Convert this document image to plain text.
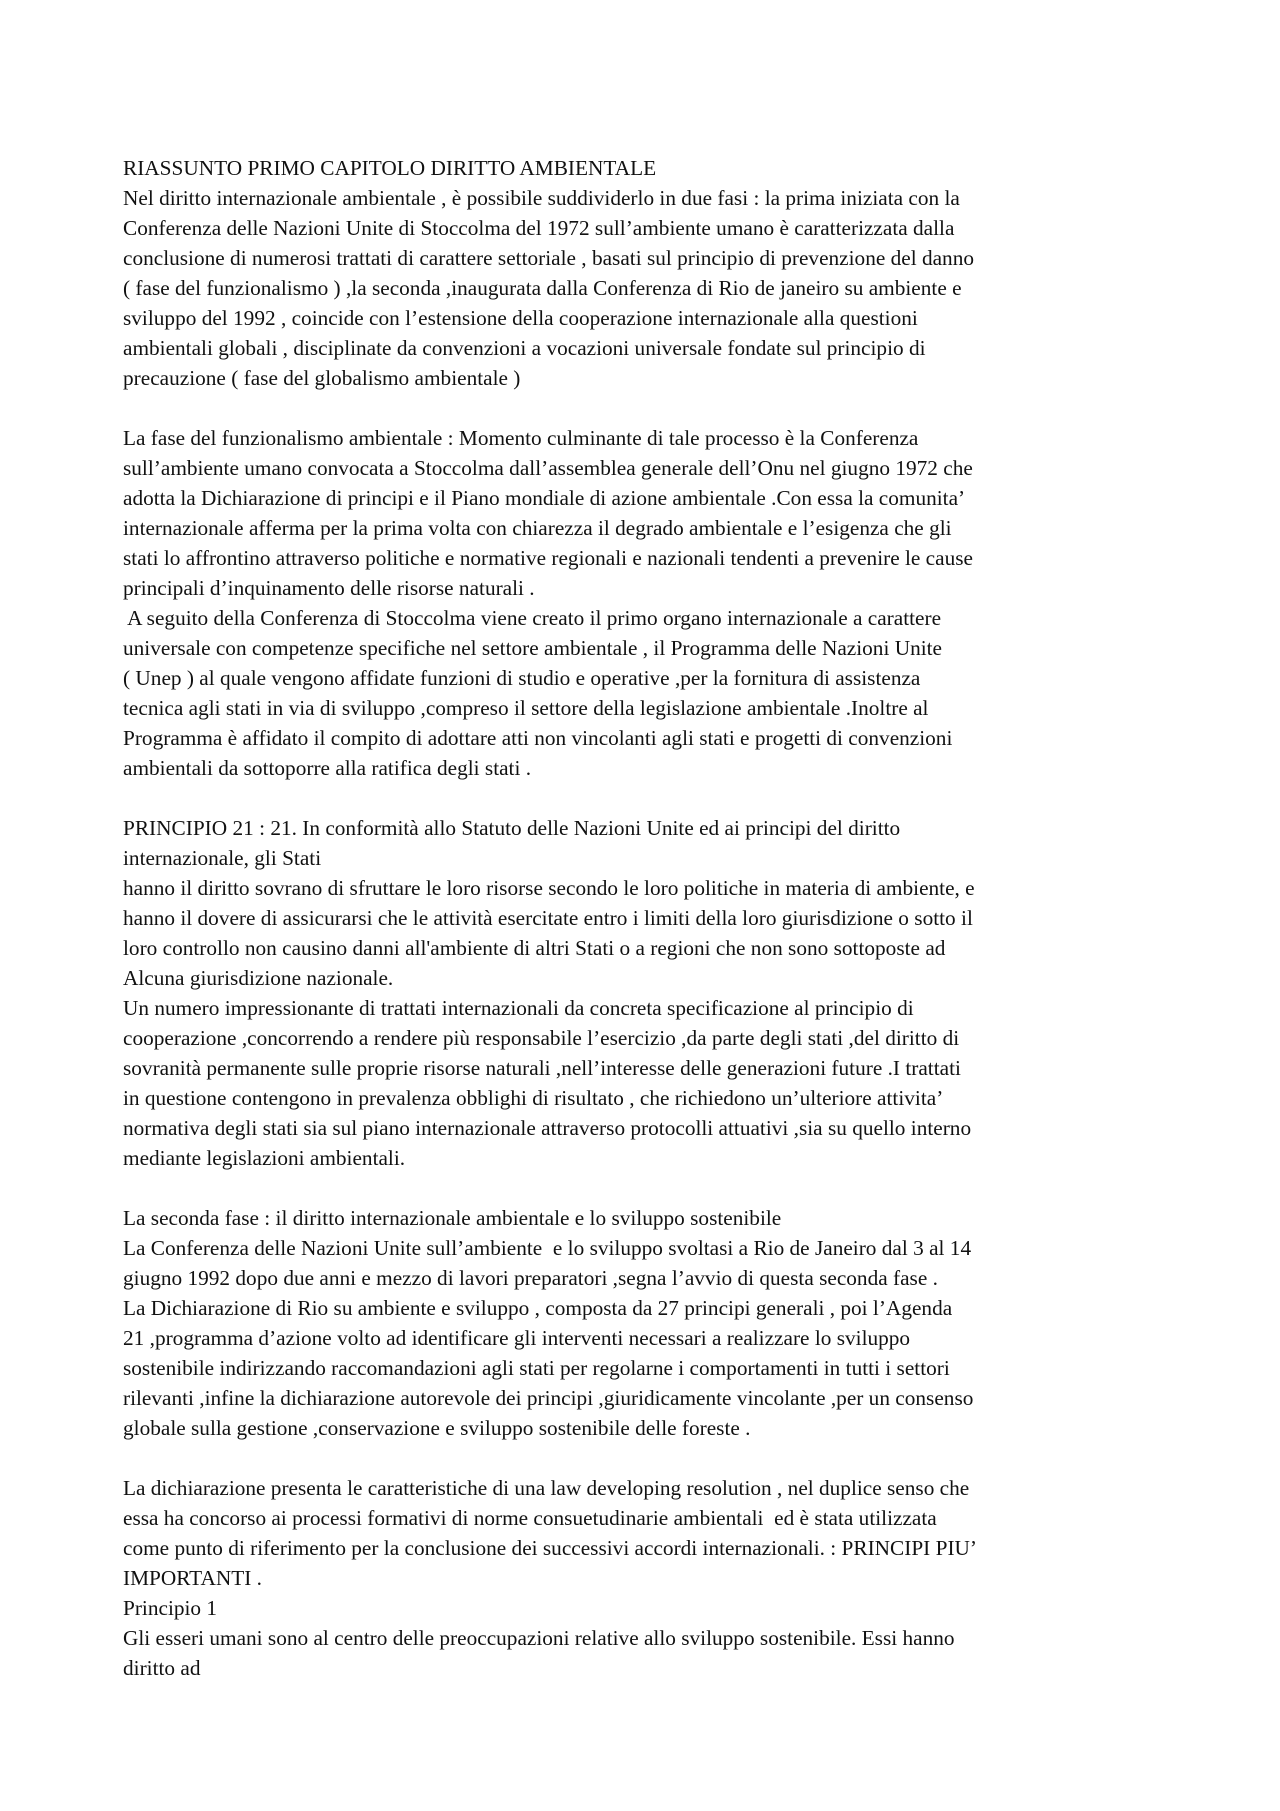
RIASSUNTO PRIMO CAPITOLO DIRITTO AMBIENTALE
Nel diritto internazionale ambientale , è possibile suddividerlo in due fasi : la prima iniziata con la
Conferenza delle Nazioni Unite di Stoccolma del 1972 sull’ambiente umano è caratterizzata dalla
conclusione di numerosi trattati di carattere settoriale , basati sul principio di prevenzione del danno
( fase del funzionalismo ) ,la seconda ,inaugurata dalla Conferenza di Rio de janeiro su ambiente e
sviluppo del 1992 , coincide con l’estensione della cooperazione internazionale alla questioni
ambientali globali , disciplinate da convenzioni a vocazioni universale fondate sul principio di
precauzione ( fase del globalismo ambientale )
La fase del funzionalismo ambientale : Momento culminante di tale processo è la Conferenza
sull’ambiente umano convocata a Stoccolma dall’assemblea generale dell’Onu nel giugno 1972 che
adotta la Dichiarazione di principi e il Piano mondiale di azione ambientale .Con essa la comunita’
internazionale afferma per la prima volta con chiarezza il degrado ambientale e l’esigenza che gli
stati lo affrontino attraverso politiche e normative regionali e nazionali tendenti a prevenire le cause
principali d’inquinamento delle risorse naturali .
A seguito della Conferenza di Stoccolma viene creato il primo organo internazionale a carattere
universale con competenze specifiche nel settore ambientale , il Programma delle Nazioni Unite
( Unep ) al quale vengono affidate funzioni di studio e operative ,per la fornitura di assistenza
tecnica agli stati in via di sviluppo ,compreso il settore della legislazione ambientale .Inoltre al
Programma è affidato il compito di adottare atti non vincolanti agli stati e progetti di convenzioni
ambientali da sottoporre alla ratifica degli stati .
PRINCIPIO 21 : 21. In conformità allo Statuto delle Nazioni Unite ed ai principi del diritto
internazionale, gli Stati
hanno il diritto sovrano di sfruttare le loro risorse secondo le loro politiche in materia di ambiente, e
hanno il dovere di assicurarsi che le attività esercitate entro i limiti della loro giurisdizione o sotto il
loro controllo non causino danni all'ambiente di altri Stati o a regioni che non sono sottoposte ad
Alcuna giurisdizione nazionale.
Un numero impressionante di trattati internazionali da concreta specificazione al principio di
cooperazione ,concorrendo a rendere più responsabile l’esercizio ,da parte degli stati ,del diritto di
sovranità permanente sulle proprie risorse naturali ,nell’interesse delle generazioni future .I trattati
in questione contengono in prevalenza obblighi di risultato , che richiedono un’ulteriore attivita’
normativa degli stati sia sul piano internazionale attraverso protocolli attuativi ,sia su quello interno
mediante legislazioni ambientali.
La seconda fase : il diritto internazionale ambientale e lo sviluppo sostenibile
La Conferenza delle Nazioni Unite sull’ambiente  e lo sviluppo svoltasi a Rio de Janeiro dal 3 al 14
giugno 1992 dopo due anni e mezzo di lavori preparatori ,segna l’avvio di questa seconda fase .
La Dichiarazione di Rio su ambiente e sviluppo , composta da 27 principi generali , poi l’Agenda
21 ,programma d’azione volto ad identificare gli interventi necessari a realizzare lo sviluppo
sostenibile indirizzando raccomandazioni agli stati per regolarne i comportamenti in tutti i settori
rilevanti ,infine la dichiarazione autorevole dei principi ,giuridicamente vincolante ,per un consenso
globale sulla gestione ,conservazione e sviluppo sostenibile delle foreste .
La dichiarazione presenta le caratteristiche di una law developing resolution , nel duplice senso che
essa ha concorso ai processi formativi di norme consuetudinarie ambientali  ed è stata utilizzata
come punto di riferimento per la conclusione dei successivi accordi internazionali. : PRINCIPI PIU’
IMPORTANTI .
Principio 1
Gli esseri umani sono al centro delle preoccupazioni relative allo sviluppo sostenibile. Essi hanno
diritto ad
